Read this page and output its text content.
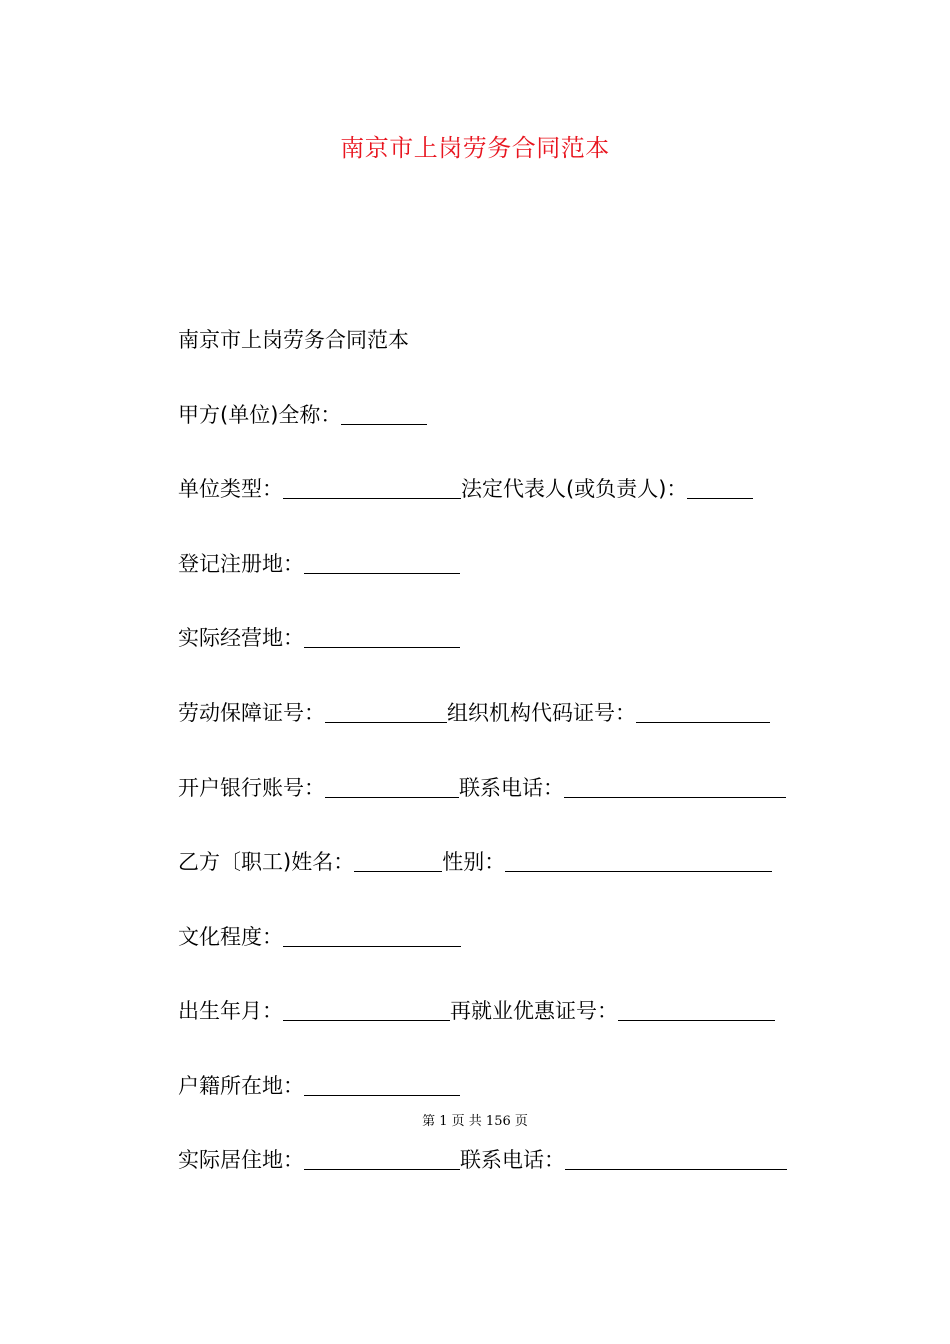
南京市上岗劳务合同范本
南京市上岗劳务合同范本
甲方(单位)全称：
单位类型：	法定代表人(或负责人)：
登记注册地：
实际经营地：
劳动保障证号：	组织机构代码证号：
开户银行账号：	联系电话：
乙方〔职工)姓名：	性别：
文化程度：
出生年月：	再就业优惠证号：
户籍所在地：
第 1 页 共 156 页
实际居住地：	联系电话：
